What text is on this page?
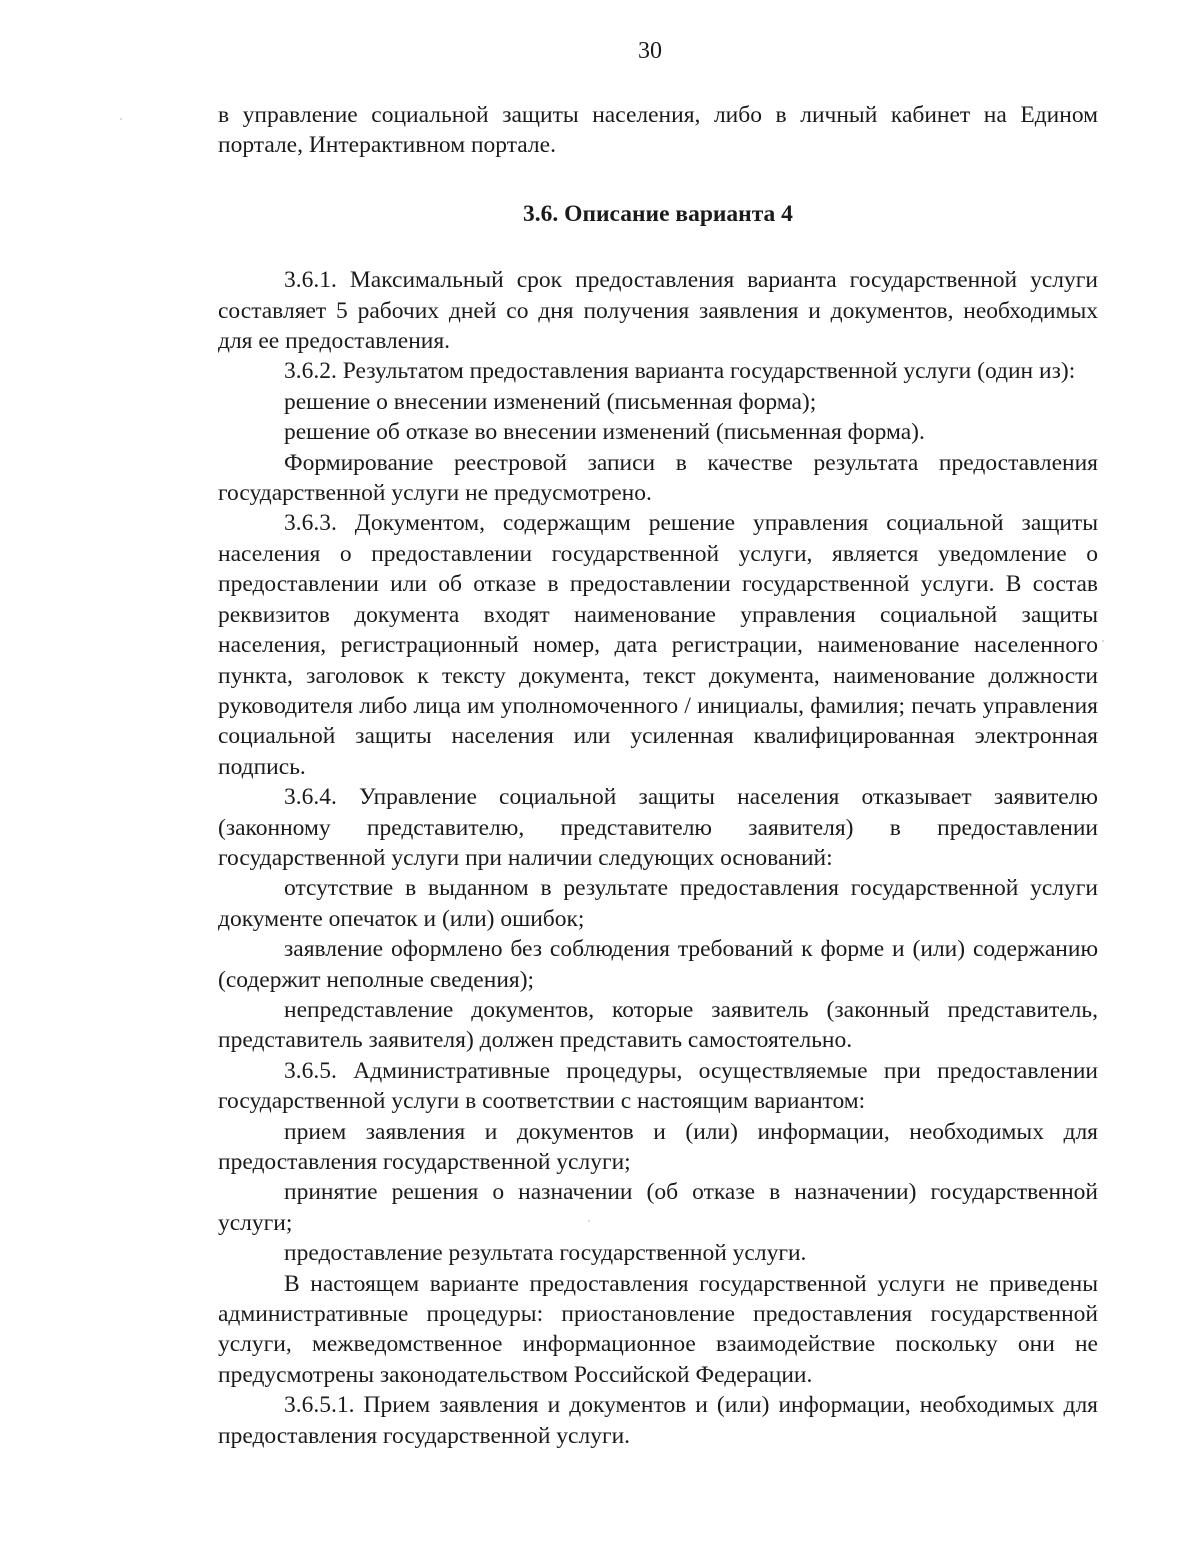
30

в управление социальной защиты населения, либо в личный кабинет на Едином портале, Интерактивном портале.

3.6. Описание варианта 4

3.6.1. Максимальный срок предоставления варианта государственной услуги составляет 5 рабочих дней со дня получения заявления и документов, необходимых для ее предоставления.

3.6.2. Результатом предоставления варианта государственной услуги (один из):

решение о внесении изменений (письменная форма);

решение об отказе во внесении изменений (письменная форма).

Формирование реестровой записи в качестве результата предоставления государственной услуги не предусмотрено.

3.6.3. Документом, содержащим решение управления социальной защиты населения о предоставлении государственной услуги, является уведомление о предоставлении или об отказе в предоставлении государственной услуги. В состав реквизитов документа входят наименование управления социальной защиты населения, регистрационный номер, дата регистрации, наименование населенного пункта, заголовок к тексту документа, текст документа, наименование должности руководителя либо лица им уполномоченного / инициалы, фамилия; печать управления социальной защиты населения или усиленная квалифицированная электронная подпись.

3.6.4. Управление социальной защиты населения отказывает заявителю (законному представителю, представителю заявителя) в предоставлении государственной услуги при наличии следующих оснований:

отсутствие в выданном в результате предоставления государственной услуги документе опечаток и (или) ошибок;

заявление оформлено без соблюдения требований к форме и (или) содержанию (содержит неполные сведения);

непредставление документов, которые заявитель (законный представитель, представитель заявителя) должен представить самостоятельно.

3.6.5. Административные процедуры, осуществляемые при предоставлении государственной услуги в соответствии с настоящим вариантом:

прием заявления и документов и (или) информации, необходимых для предоставления государственной услуги;

принятие решения о назначении (об отказе в назначении) государственной услуги;

предоставление результата государственной услуги.

В настоящем варианте предоставления государственной услуги не приведены административные процедуры: приостановление предоставления государственной услуги, межведомственное информационное взаимодействие поскольку они не предусмотрены законодательством Российской Федерации.

3.6.5.1. Прием заявления и документов и (или) информации, необходимых для предоставления государственной услуги.
